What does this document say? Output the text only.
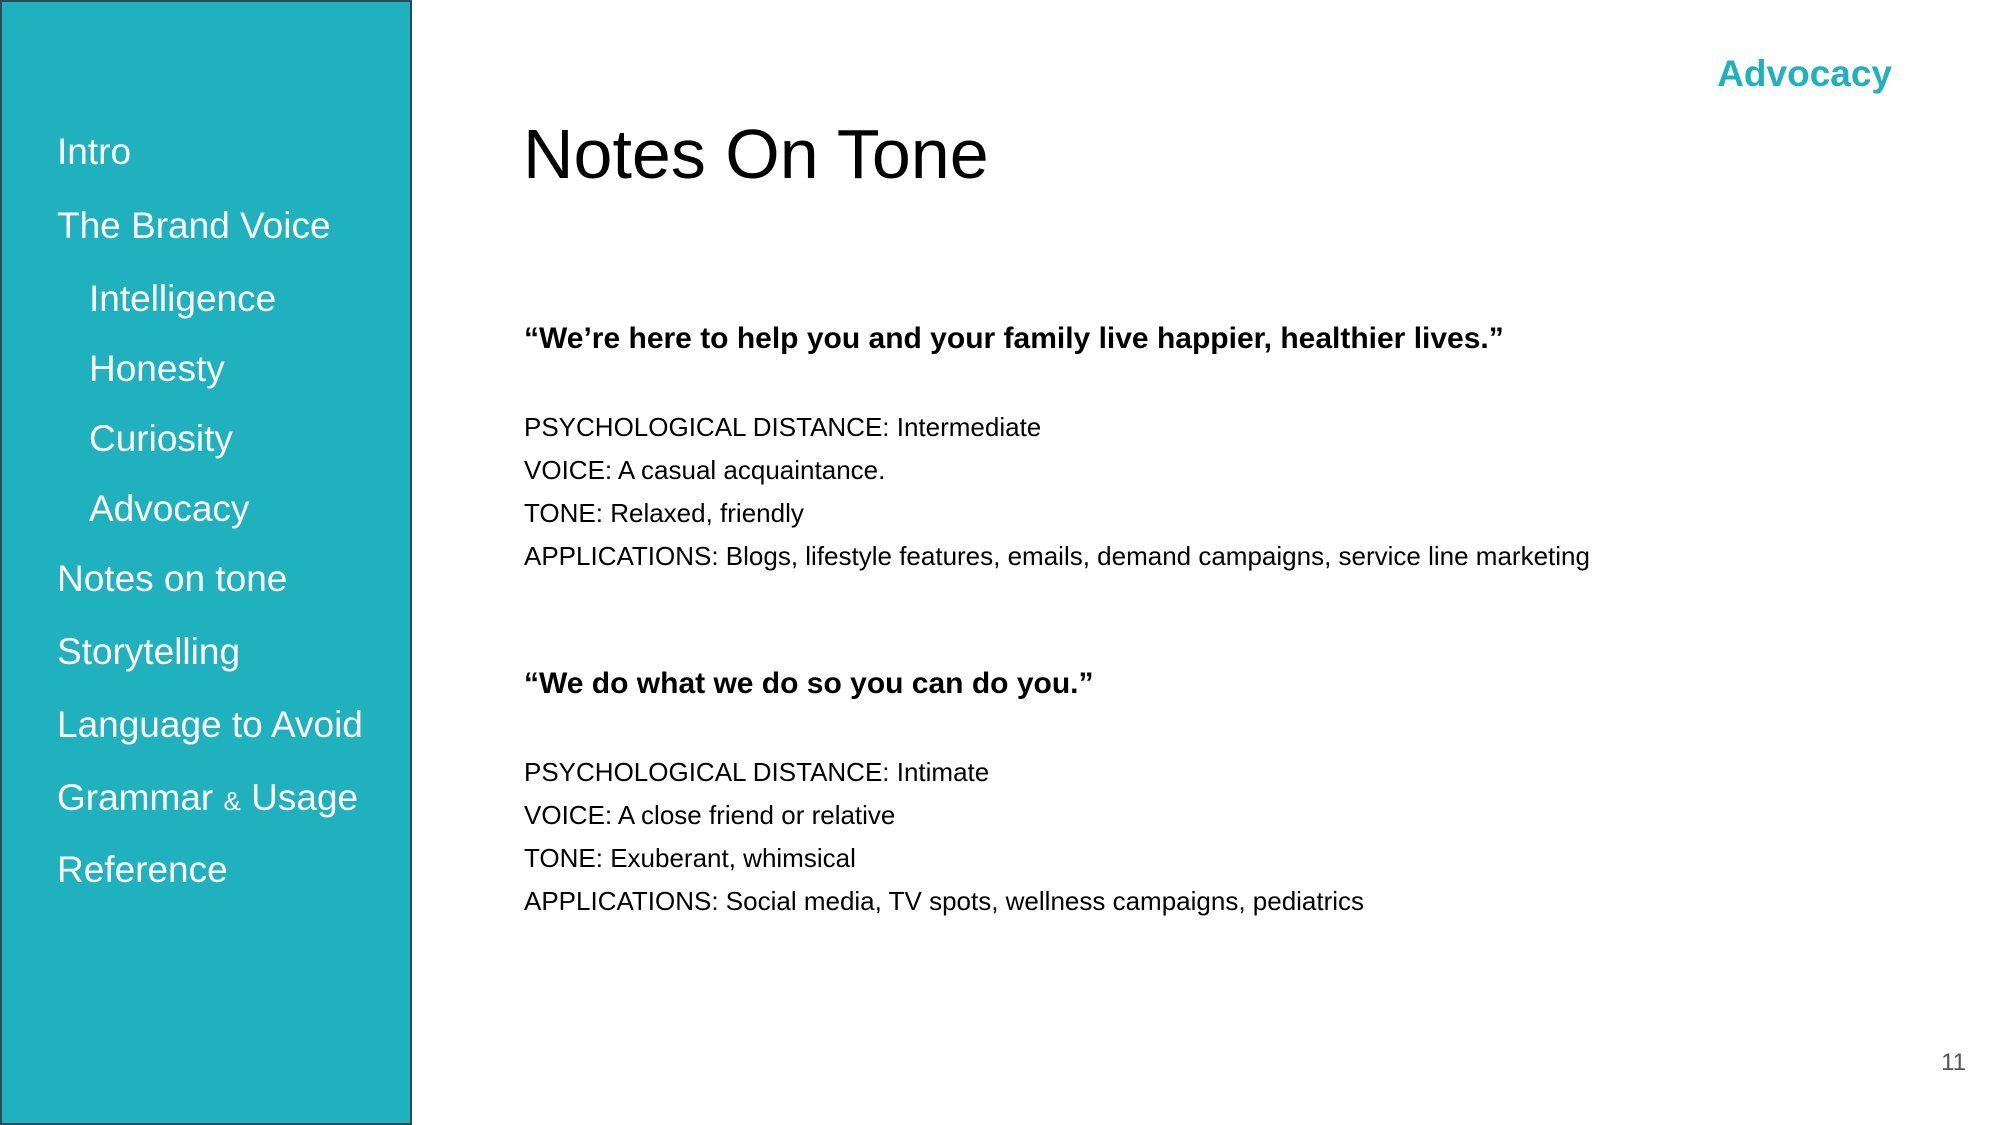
Intro
The Brand Voice
Intelligence
Honesty
Curiosity
Advocacy
Notes on tone
Storytelling
Language to Avoid
Grammar & Usage
Reference
Advocacy
Notes On Tone

“We’re here to help you and your family live happier, healthier lives.”

PSYCHOLOGICAL DISTANCE: Intermediate
VOICE: A casual acquaintance.
TONE: Relaxed, friendly
APPLICATIONS: Blogs, lifestyle features, emails, demand campaigns, service line marketing

“We do what we do so you can do you.”

PSYCHOLOGICAL DISTANCE: Intimate
VOICE: A close friend or relative
TONE: Exuberant, whimsical
APPLICATIONS: Social media, TV spots, wellness campaigns, pediatrics
11
